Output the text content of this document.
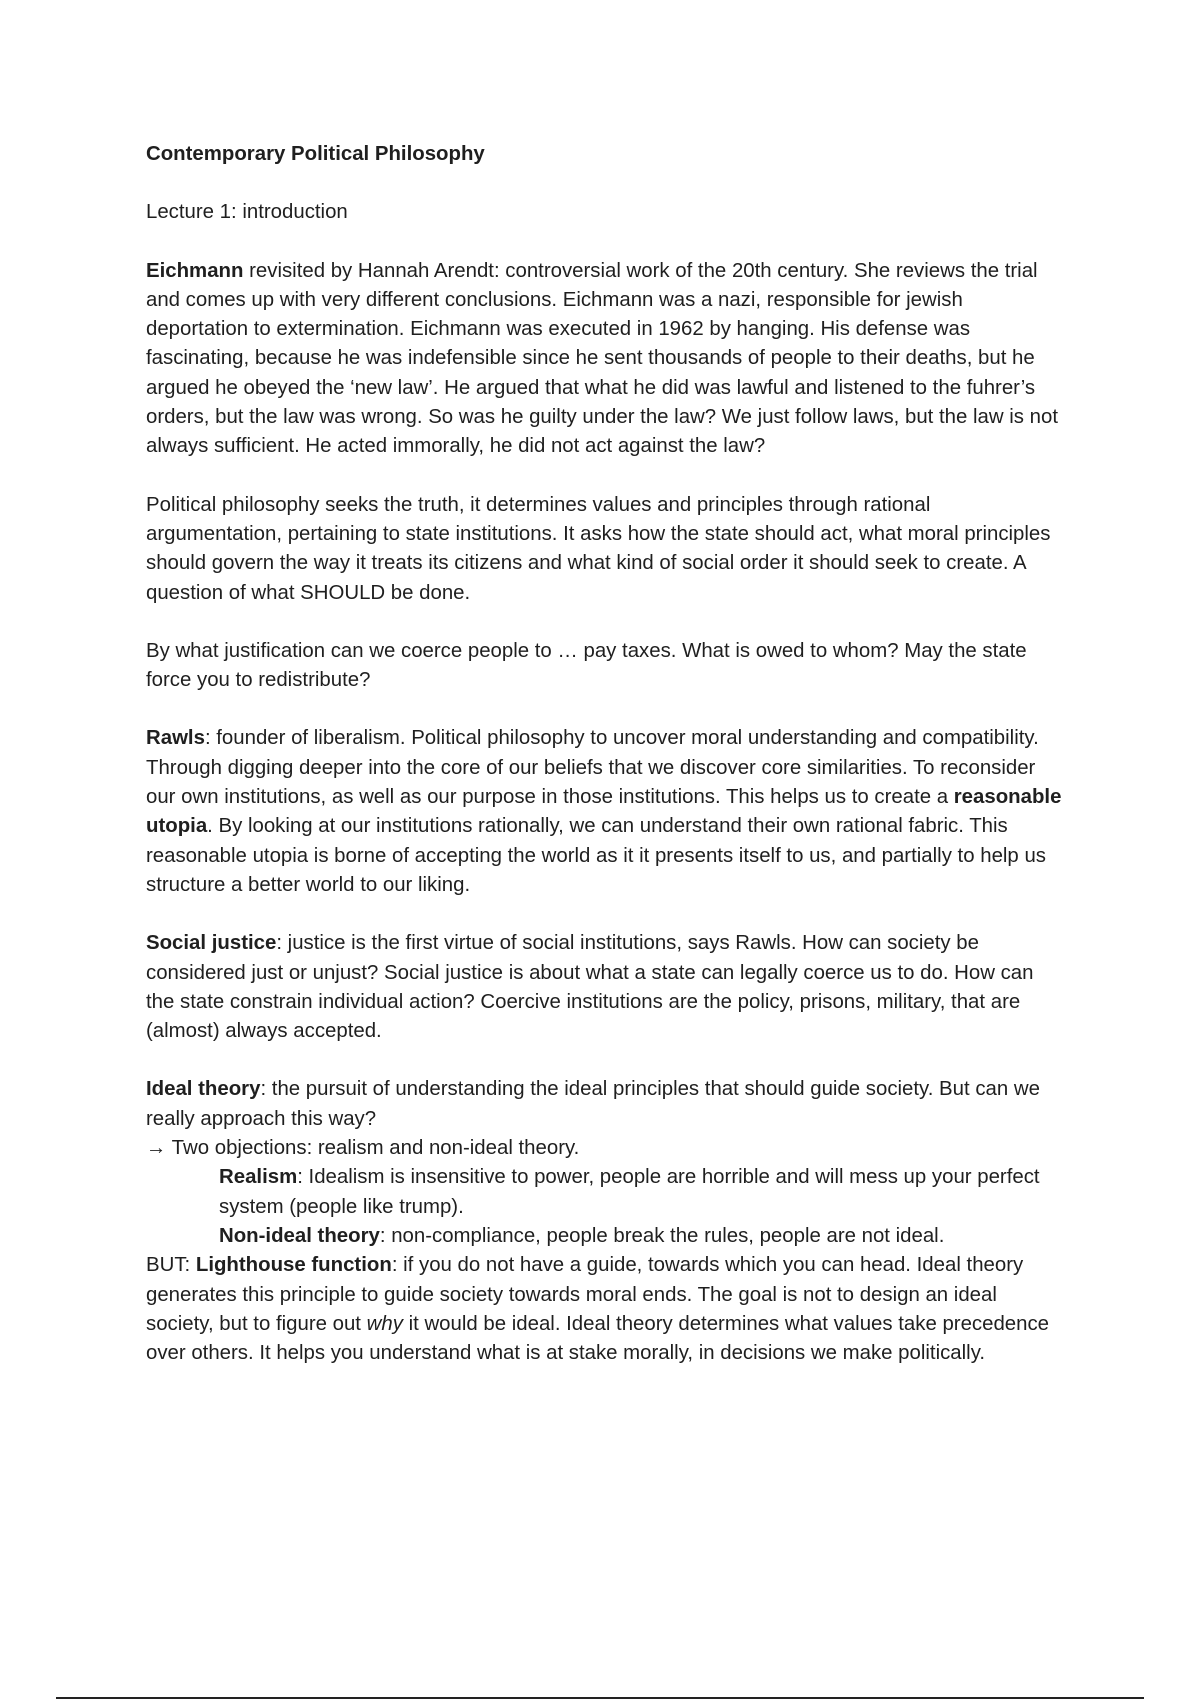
Contemporary Political Philosophy

Lecture 1: introduction

Eichmann revisited by Hannah Arendt: controversial work of the 20th century. She reviews the trial and comes up with very different conclusions. Eichmann was a nazi, responsible for jewish deportation to extermination. Eichmann was executed in 1962 by hanging. His defense was fascinating, because he was indefensible since he sent thousands of people to their deaths, but he argued he obeyed the ‘new law’. He argued that what he did was lawful and listened to the fuhrer’s orders, but the law was wrong. So was he guilty under the law? We just follow laws, but the law is not always sufficient. He acted immorally, he did not act against the law?

Political philosophy seeks the truth, it determines values and principles through rational argumentation, pertaining to state institutions. It asks how the state should act, what moral principles should govern the way it treats its citizens and what kind of social order it should seek to create. A question of what SHOULD be done.

By what justification can we coerce people to … pay taxes. What is owed to whom? May the state force you to redistribute?

Rawls: founder of liberalism. Political philosophy to uncover moral understanding and compatibility. Through digging deeper into the core of our beliefs that we discover core similarities. To reconsider our own institutions, as well as our purpose in those institutions. This helps us to create a reasonable utopia. By looking at our institutions rationally, we can understand their own rational fabric. This reasonable utopia is borne of accepting the world as it it presents itself to us, and partially to help us structure a better world to our liking.

Social justice: justice is the first virtue of social institutions, says Rawls. How can society be considered just or unjust? Social justice is about what a state can legally coerce us to do. How can the state constrain individual action? Coercive institutions are the policy, prisons, military, that are (almost) always accepted.

Ideal theory: the pursuit of understanding the ideal principles that should guide society. But can we really approach this way?

→ Two objections: realism and non-ideal theory.

Realism: Idealism is insensitive to power, people are horrible and will mess up your perfect system (people like trump).

Non-ideal theory: non-compliance, people break the rules, people are not ideal.

BUT: Lighthouse function: if you do not have a guide, towards which you can head. Ideal theory generates this principle to guide society towards moral ends. The goal is not to design an ideal society, but to figure out why it would be ideal. Ideal theory determines what values take precedence over others. It helps you understand what is at stake morally, in decisions we make politically.
